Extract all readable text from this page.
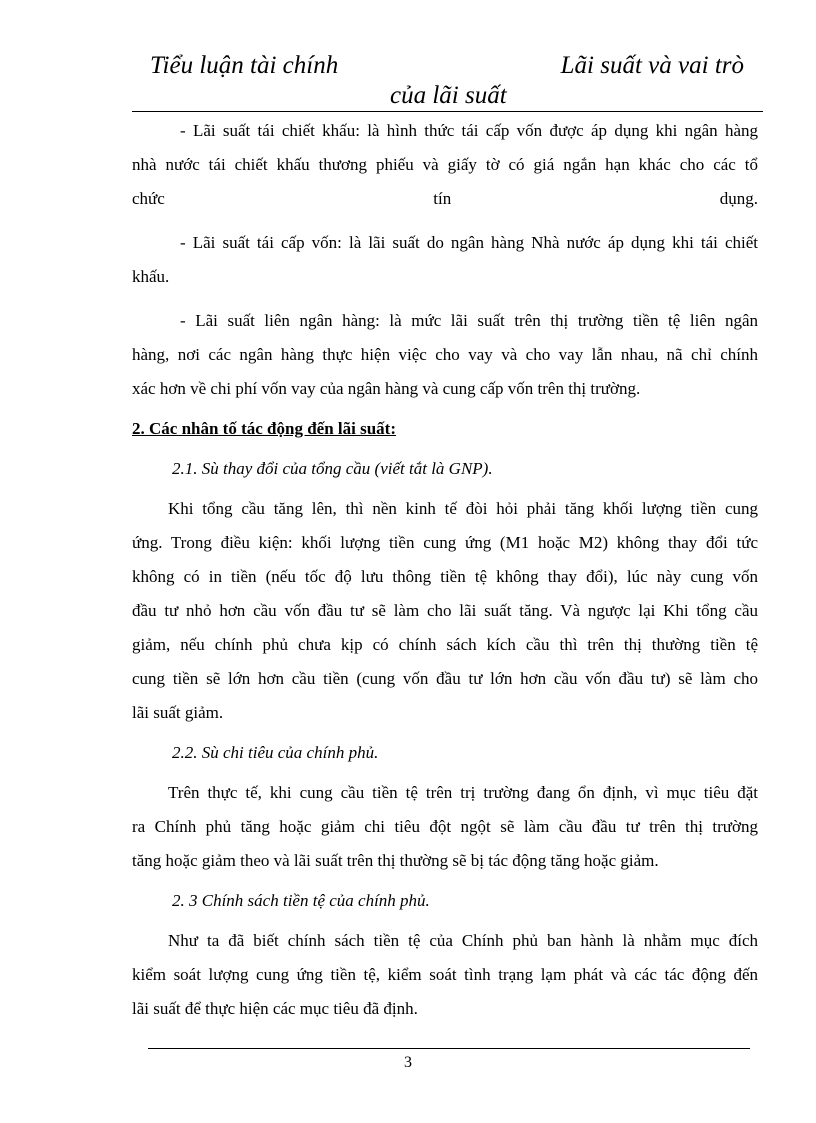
Tiểu luận tài chính	Lãi suất và vai trò
của lãi suất

- Lãi suất tái chiết khấu: là hình thức tái cấp vốn được áp dụng khi ngân hàng
nhà nước tái chiết khấu thương phiếu và giấy tờ có giá ngắn hạn khác cho các tổ
chức tín dụng.

- Lãi suất tái cấp vốn: là lãi suất do ngân hàng Nhà nước áp dụng khi tái chiết
khấu.

- Lãi suất liên ngân hàng: là mức lãi suất trên thị trường tiền tệ liên ngân
hàng, nơi các ngân hàng thực hiện việc cho vay và cho vay lẫn nhau, nã chỉ chính
xác hơn về chi phí vốn vay của ngân hàng và cung cấp vốn trên thị trường.

2. Các nhân tố tác động đến lãi suất:

2.1. Sù thay đổi của tổng cầu (viết tắt là GNP).

Khi tổng cầu tăng lên, thì nền kinh tế đòi hỏi phải tăng khối lượng tiền cung
ứng. Trong điều kiện: khối lượng tiền cung ứng (M1 hoặc M2) không thay đổi tức
không có in tiền (nếu tốc độ lưu thông tiền tệ không thay đổi), lúc này cung vốn
đầu tư nhỏ hơn cầu vốn đầu tư sẽ làm cho lãi suất tăng. Và ngược lại Khi tổng cầu
giảm, nếu chính phủ chưa kịp có chính sách kích cầu thì trên thị thường tiền tệ
cung tiền sẽ lớn hơn cầu tiền (cung vốn đầu tư lớn hơn cầu vốn đầu tư) sẽ làm cho
lãi suất giảm.

2.2. Sù chi tiêu của chính phủ.

Trên thực tế, khi cung cầu tiền tệ trên trị trường đang ổn định, vì mục tiêu đặt
ra Chính phủ tăng hoặc giảm chi tiêu đột ngột sẽ làm cầu đầu tư trên thị trường
tăng hoặc giảm theo và lãi suất trên thị thường sẽ bị tác động tăng hoặc giảm.

2. 3 Chính sách tiền tệ của chính phủ.

Như ta đã biết chính sách tiền tệ của Chính phủ ban hành là nhằm mục đích
kiểm soát lượng cung ứng tiền tệ, kiểm soát tình trạng lạm phát và các tác động đến
lãi suất để thực hiện các mục tiêu đã định.

3
